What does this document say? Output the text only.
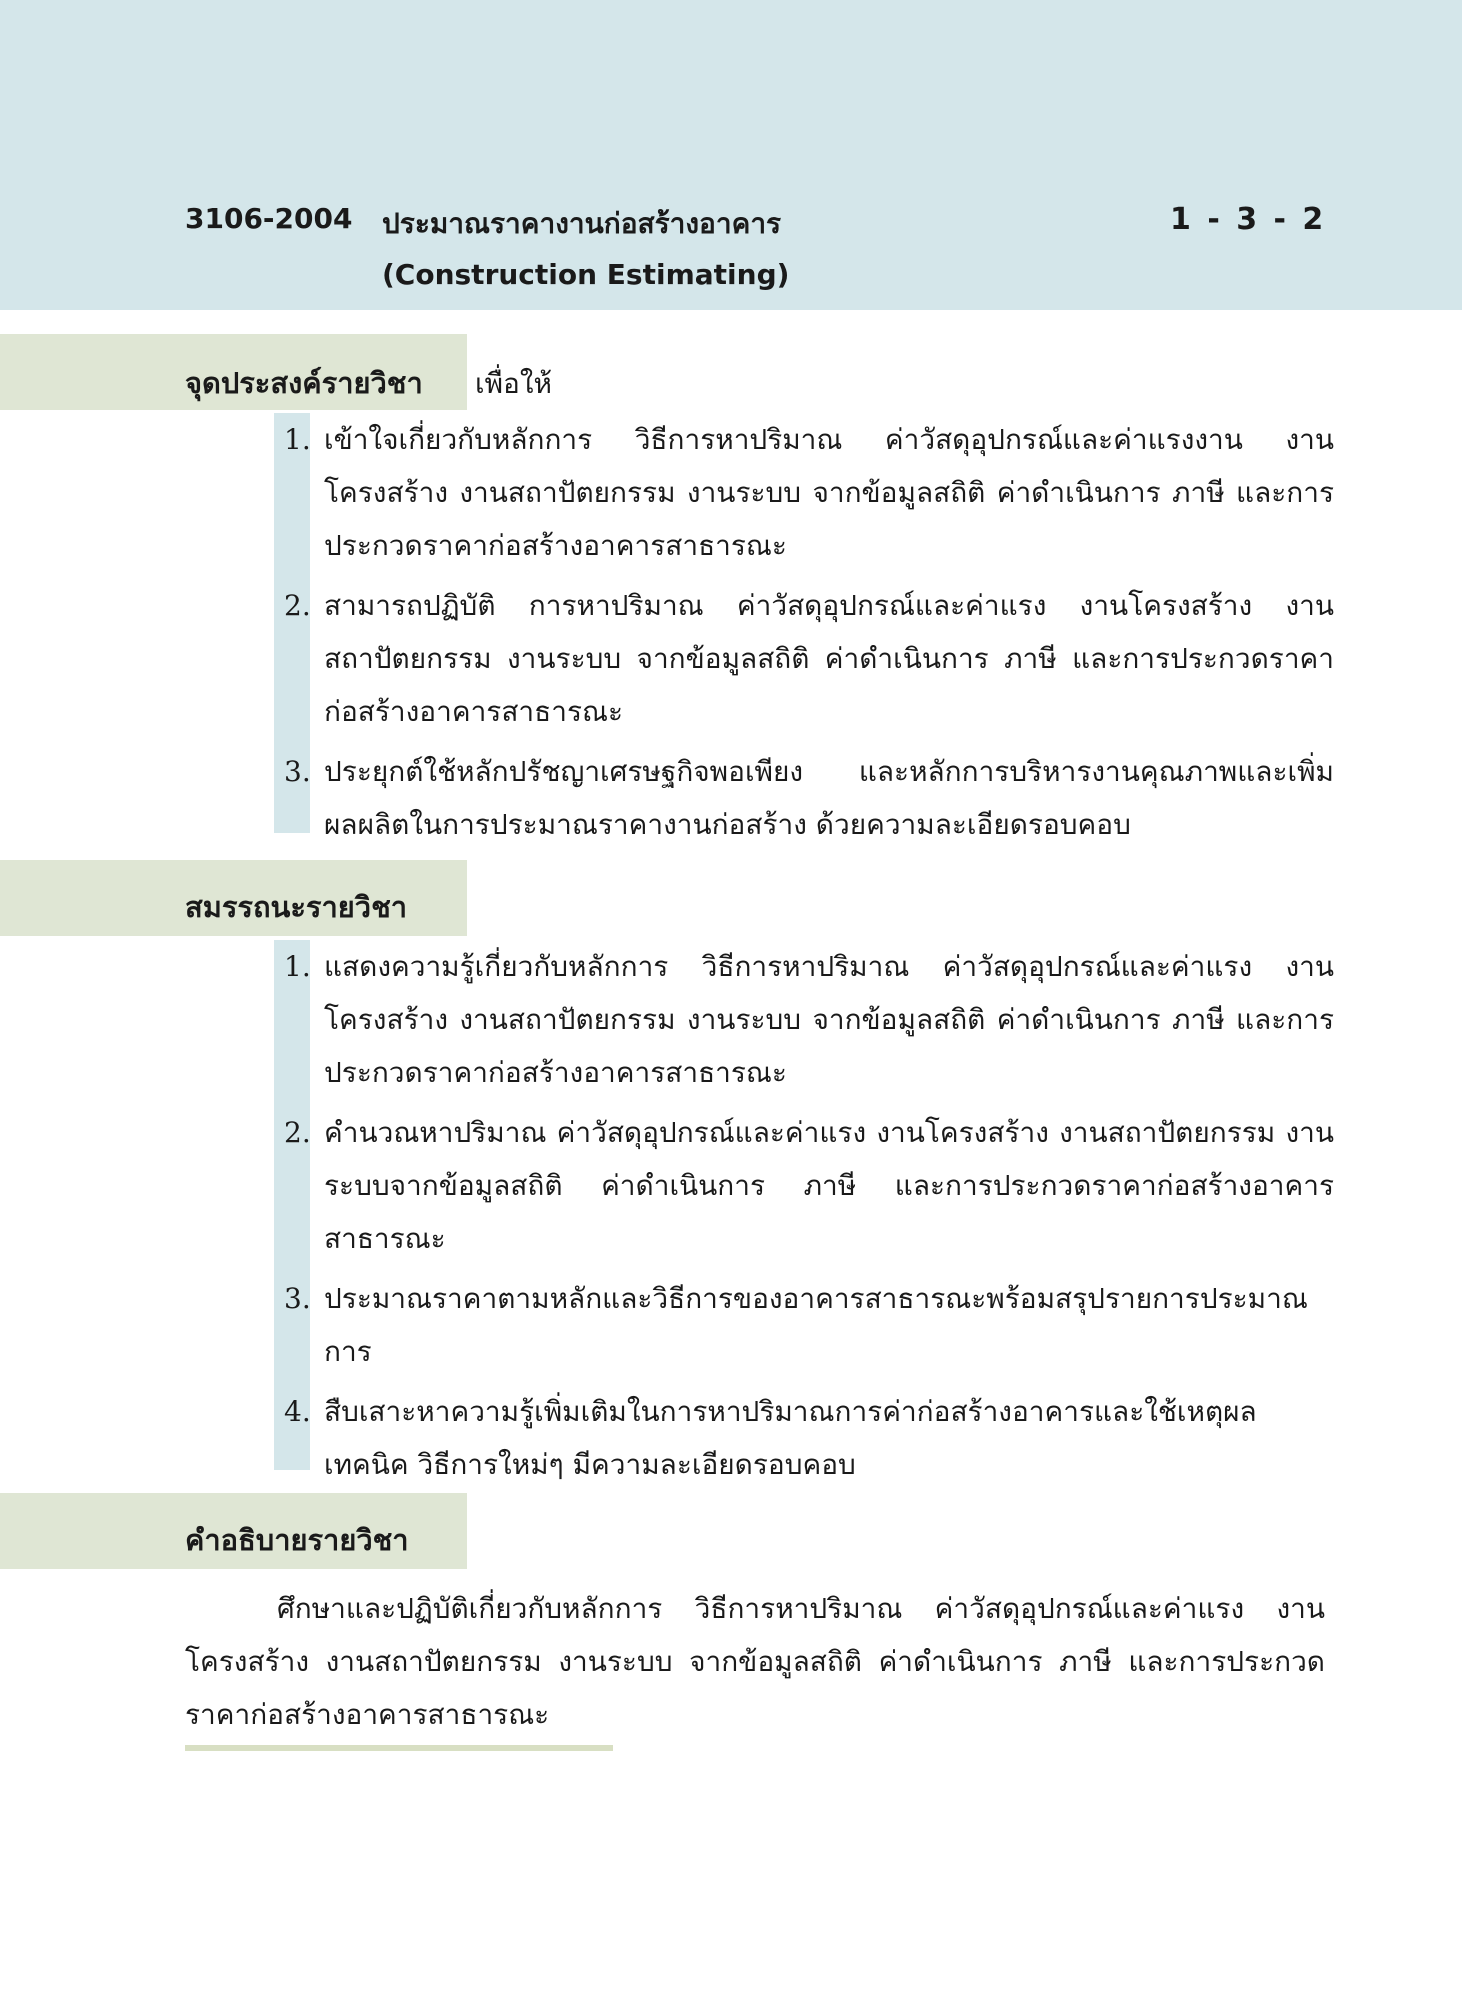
3106-2004 ประมาณราคางานก่อสร้างอาคาร
(Construction Estimating)
1 - 3 - 2
จุดประสงค์รายวิชา เพื่อให้
1. เข้าใจเกี่ยวกับหลักการ วิธีการหาปริมาณ ค่าวัสดุอุปกรณ์และค่าแรงงาน งานโครงสร้าง งานสถาปัตยกรรม งานระบบ จากข้อมูลสถิติ ค่าดำเนินการ ภาษี และการประกวดราคาก่อสร้างอาคารสาธารณะ
2. สามารถปฏิบัติ การหาปริมาณ ค่าวัสดุอุปกรณ์และค่าแรง งานโครงสร้าง งานสถาปัตยกรรม งานระบบ จากข้อมูลสถิติ ค่าดำเนินการ ภาษี และการประกวดราคาก่อสร้างอาคารสาธารณะ
3. ประยุกต์ใช้หลักปรัชญาเศรษฐกิจพอเพียง และหลักการบริหารงานคุณภาพและเพิ่มผลผลิตในการประมาณราคางานก่อสร้าง ด้วยความละเอียดรอบคอบ
สมรรถนะรายวิชา
1. แสดงความรู้เกี่ยวกับหลักการ วิธีการหาปริมาณ ค่าวัสดุอุปกรณ์และค่าแรง งานโครงสร้าง งานสถาปัตยกรรม งานระบบ จากข้อมูลสถิติ ค่าดำเนินการ ภาษี และการประกวดราคาก่อสร้างอาคารสาธารณะ
2. คำนวณหาปริมาณ ค่าวัสดุอุปกรณ์และค่าแรง งานโครงสร้าง งานสถาปัตยกรรม งานระบบจากข้อมูลสถิติ ค่าดำเนินการ ภาษี และการประกวดราคาก่อสร้างอาคารสาธารณะ
3. ประมาณราคาตามหลักและวิธีการของอาคารสาธารณะพร้อมสรุปรายการประมาณการ
4. สืบเสาะหาความรู้เพิ่มเติมในการหาปริมาณการค่าก่อสร้างอาคารและใช้เหตุผลเทคนิค วิธีการใหม่ๆ มีความละเอียดรอบคอบ
คำอธิบายรายวิชา

ศึกษาและปฏิบัติเกี่ยวกับหลักการ วิธีการหาปริมาณ ค่าวัสดุอุปกรณ์และค่าแรง งานโครงสร้าง งานสถาปัตยกรรม งานระบบ จากข้อมูลสถิติ ค่าดำเนินการ ภาษี และการประกวดราคาก่อสร้างอาคารสาธารณะ
